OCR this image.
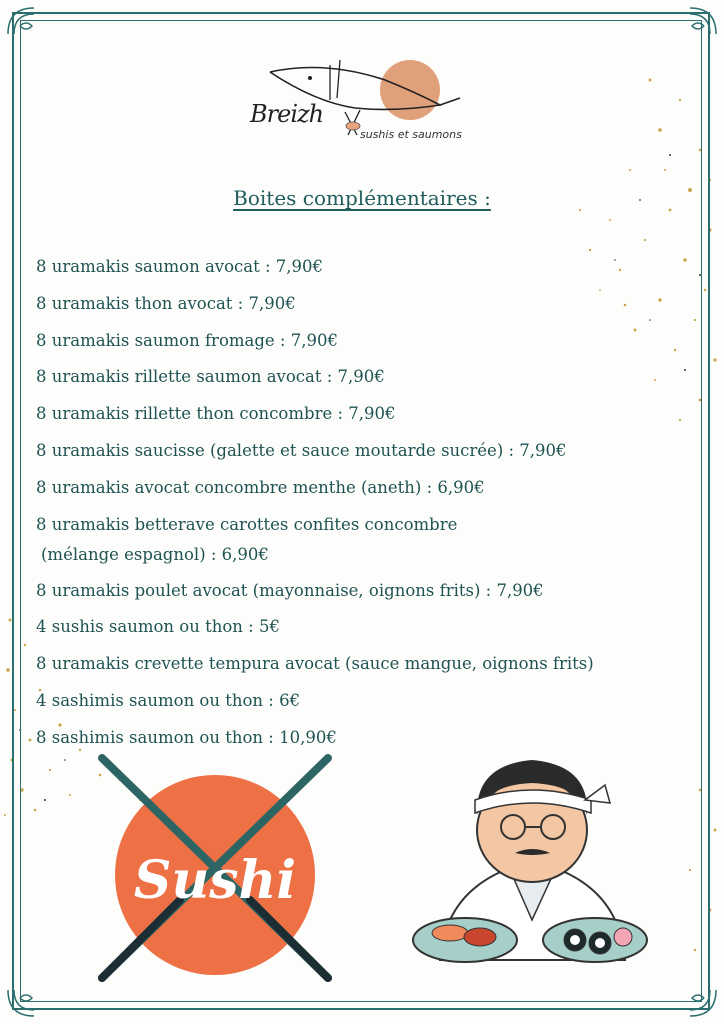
Breizh
sushis et saumons
Boites complémentaires :
8 uramakis saumon avocat : 7,90€
8 uramakis thon avocat : 7,90€
8 uramakis saumon fromage : 7,90€
8 uramakis rillette saumon avocat : 7,90€
8 uramakis rillette thon concombre : 7,90€
8 uramakis saucisse (galette et sauce moutarde sucrée) : 7,90€
8 uramakis avocat concombre menthe (aneth) : 6,90€
8 uramakis betterave carottes confites concombre
(mélange espagnol) : 6,90€
8 uramakis poulet avocat (mayonnaise, oignons frits) : 7,90€
4 sushis saumon ou thon : 5€
8 uramakis crevette tempura avocat (sauce mangue, oignons frits)
4 sashimis saumon ou thon : 6€
8 sashimis saumon ou thon : 10,90€
Sushi
